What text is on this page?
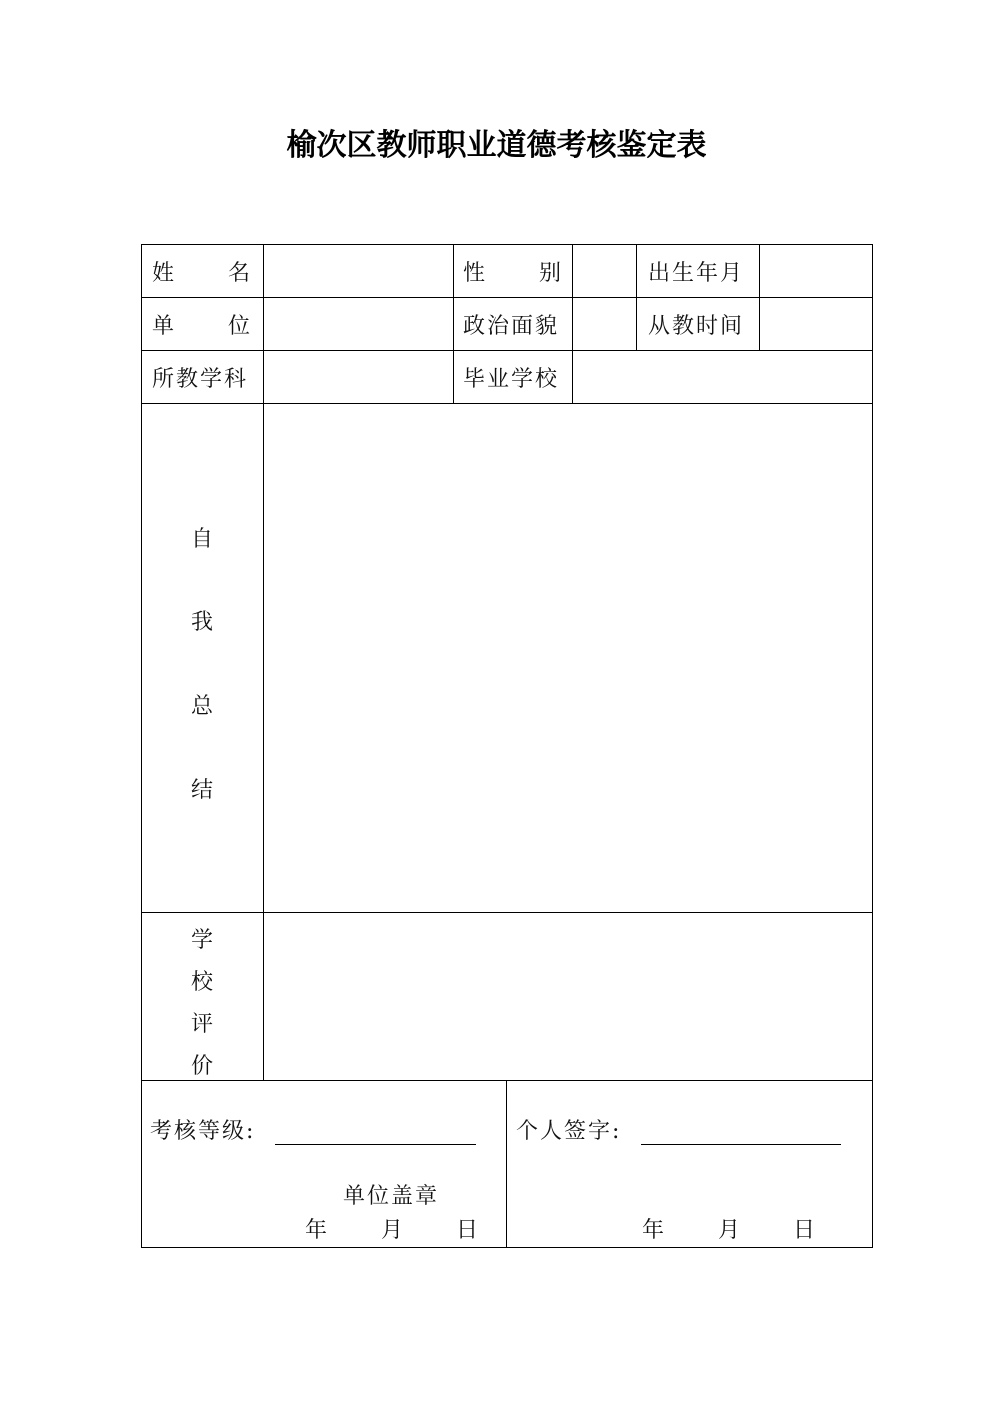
榆次区教师职业道德考核鉴定表
姓 名	性 别	出生年月
单 位	政治面貌	从教时间
所教学科	毕业学校
自
我
总
结
学
校
评
价
考核等级:
单位盖章
年 月 日
个人签字:
年 月 日
